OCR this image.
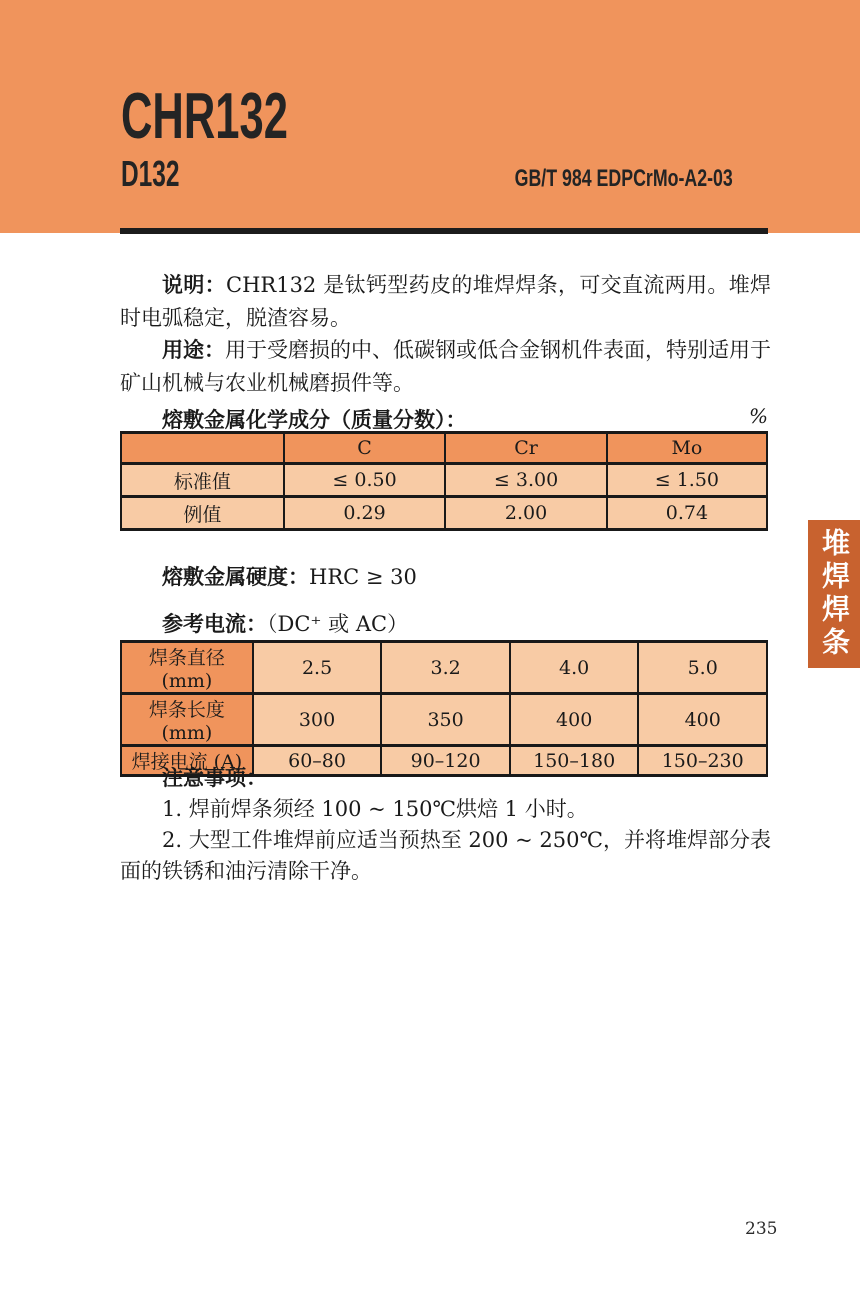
CHR132
D132	GB/T 984 EDPCrMo-A2-03

说明：CHR132 是钛钙型药皮的堆焊焊条，可交直流两用。堆焊时电弧稳定，脱渣容易。

用途：用于受磨损的中、低碳钢或低合金钢机件表面，特别适用于矿山机械与农业机械磨损件等。

%
熔敷金属化学成分（质量分数）：
	C	Cr	Mo
标准值	≤ 0.50	≤ 3.00	≤ 1.50
例值	0.29	2.00	0.74
熔敷金属硬度：HRC ≥ 30
参考电流：（DC⁺ 或 AC）
焊条直径 (mm)	2.5	3.2	4.0	5.0
焊条长度 (mm)	300	350	400	400
焊接电流 (A)	60–80	90–120	150–180	150–230

注意事项：

1. 焊前焊条须经 100 ~ 150℃烘焙 1 小时。

2. 大型工件堆焊前应适当预热至 200 ~ 250℃，并将堆焊部分表面的铁锈和油污清除干净。

堆焊焊条
235
